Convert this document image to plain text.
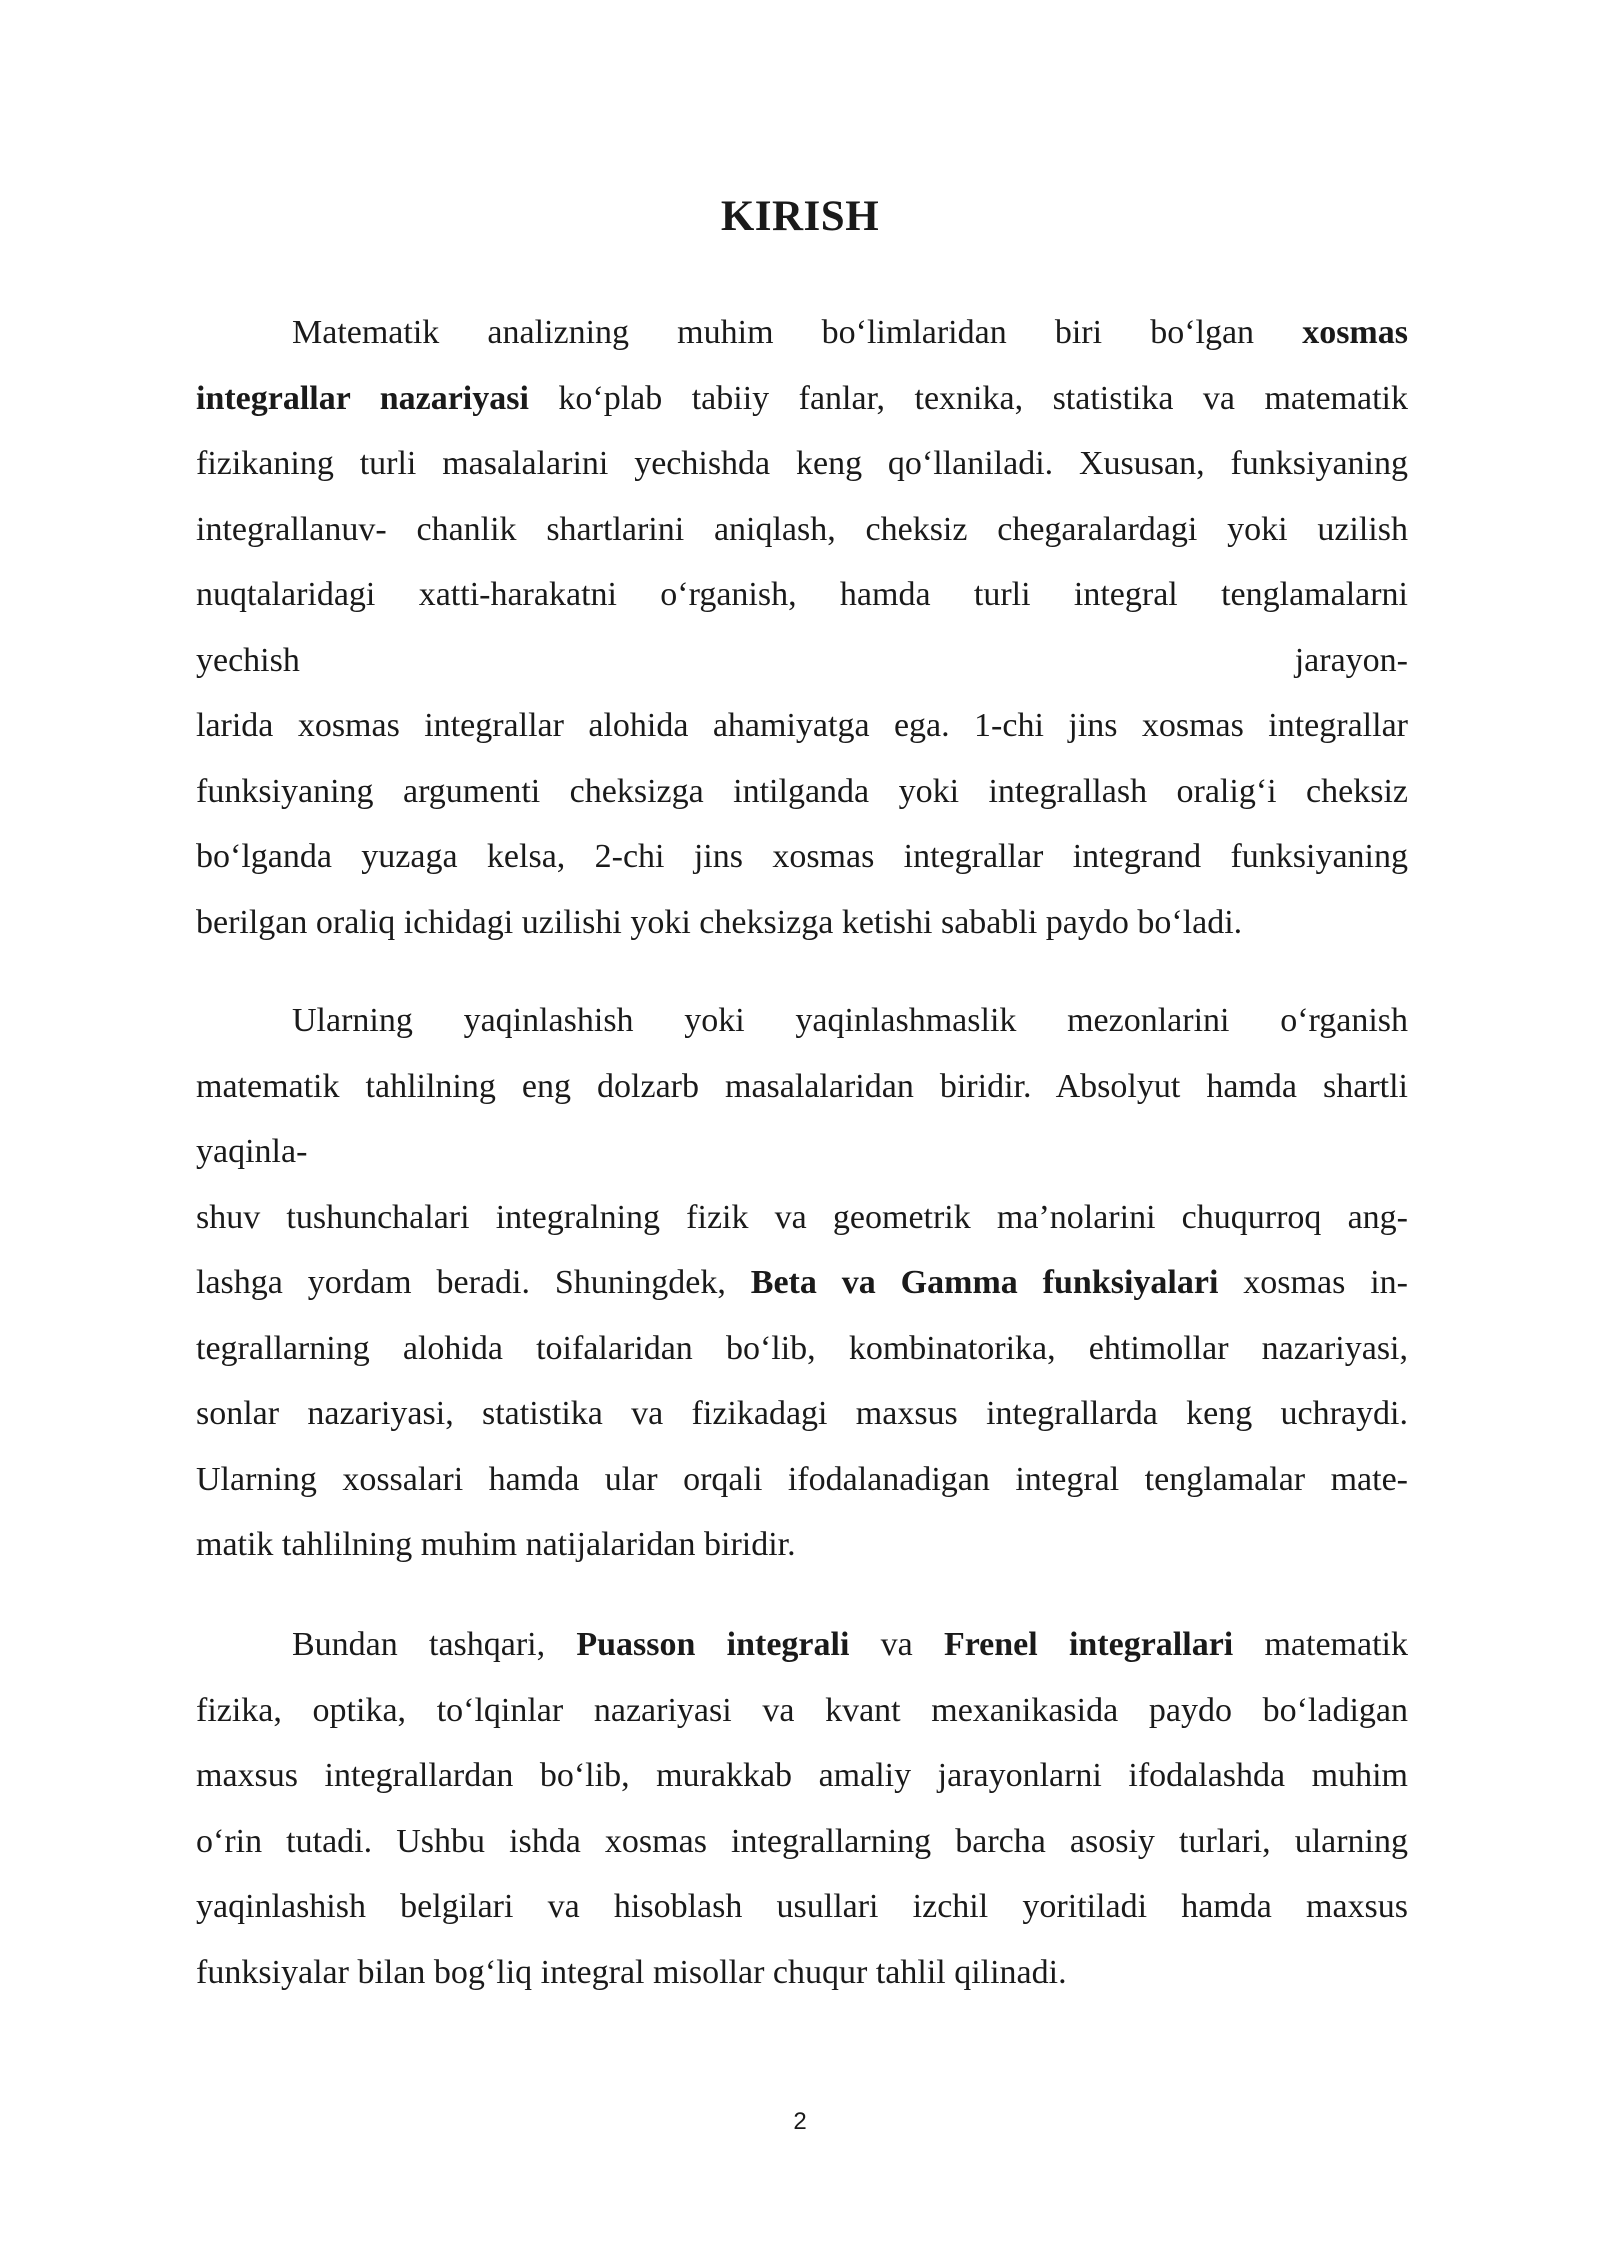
KIRISH
Matematik analizning muhim bo‘limlaridan biri bo‘lgan xosmas
integrallar nazariyasi ko‘plab tabiiy fanlar, texnika, statistika va matematik
fizikaning turli masalalarini yechishda keng qo‘llaniladi. Xususan, funksiyaning
integrallanuv- chanlik shartlarini aniqlash, cheksiz chegaralardagi yoki uzilish
nuqtalaridagi xatti-harakatni o‘rganish, hamda turli integral tenglamalarni
yechish	jarayon-
larida xosmas integrallar alohida ahamiyatga ega. 1-chi jins xosmas integrallar
funksiyaning argumenti cheksizga intilganda yoki integrallash oralig‘i cheksiz
bo‘lganda yuzaga kelsa, 2-chi jins xosmas integrallar integrand funksiyaning
berilgan oraliq ichidagi uzilishi yoki cheksizga ketishi sababli paydo bo‘ladi.
Ularning yaqinlashish yoki yaqinlashmaslik mezonlarini o‘rganish
matematik tahlilning eng dolzarb masalalaridan biridir. Absolyut hamda shartli
yaqinla-
shuv tushunchalari integralning fizik va geometrik ma’nolarini chuqurroq ang-
lashga yordam beradi. Shuningdek, Beta va Gamma funksiyalari xosmas in-
tegrallarning alohida toifalaridan bo‘lib, kombinatorika, ehtimollar nazariyasi,
sonlar nazariyasi, statistika va fizikadagi maxsus integrallarda keng uchraydi.
Ularning xossalari hamda ular orqali ifodalanadigan integral tenglamalar mate-
matik tahlilning muhim natijalaridan biridir.
Bundan tashqari, Puasson integrali va Frenel integrallari matematik
fizika, optika, to‘lqinlar nazariyasi va kvant mexanikasida paydo bo‘ladigan
maxsus integrallardan bo‘lib, murakkab amaliy jarayonlarni ifodalashda muhim
o‘rin tutadi. Ushbu ishda xosmas integrallarning barcha asosiy turlari, ularning
yaqinlashish belgilari va hisoblash usullari izchil yoritiladi hamda maxsus
funksiyalar bilan bog‘liq integral misollar chuqur tahlil qilinadi.
2
